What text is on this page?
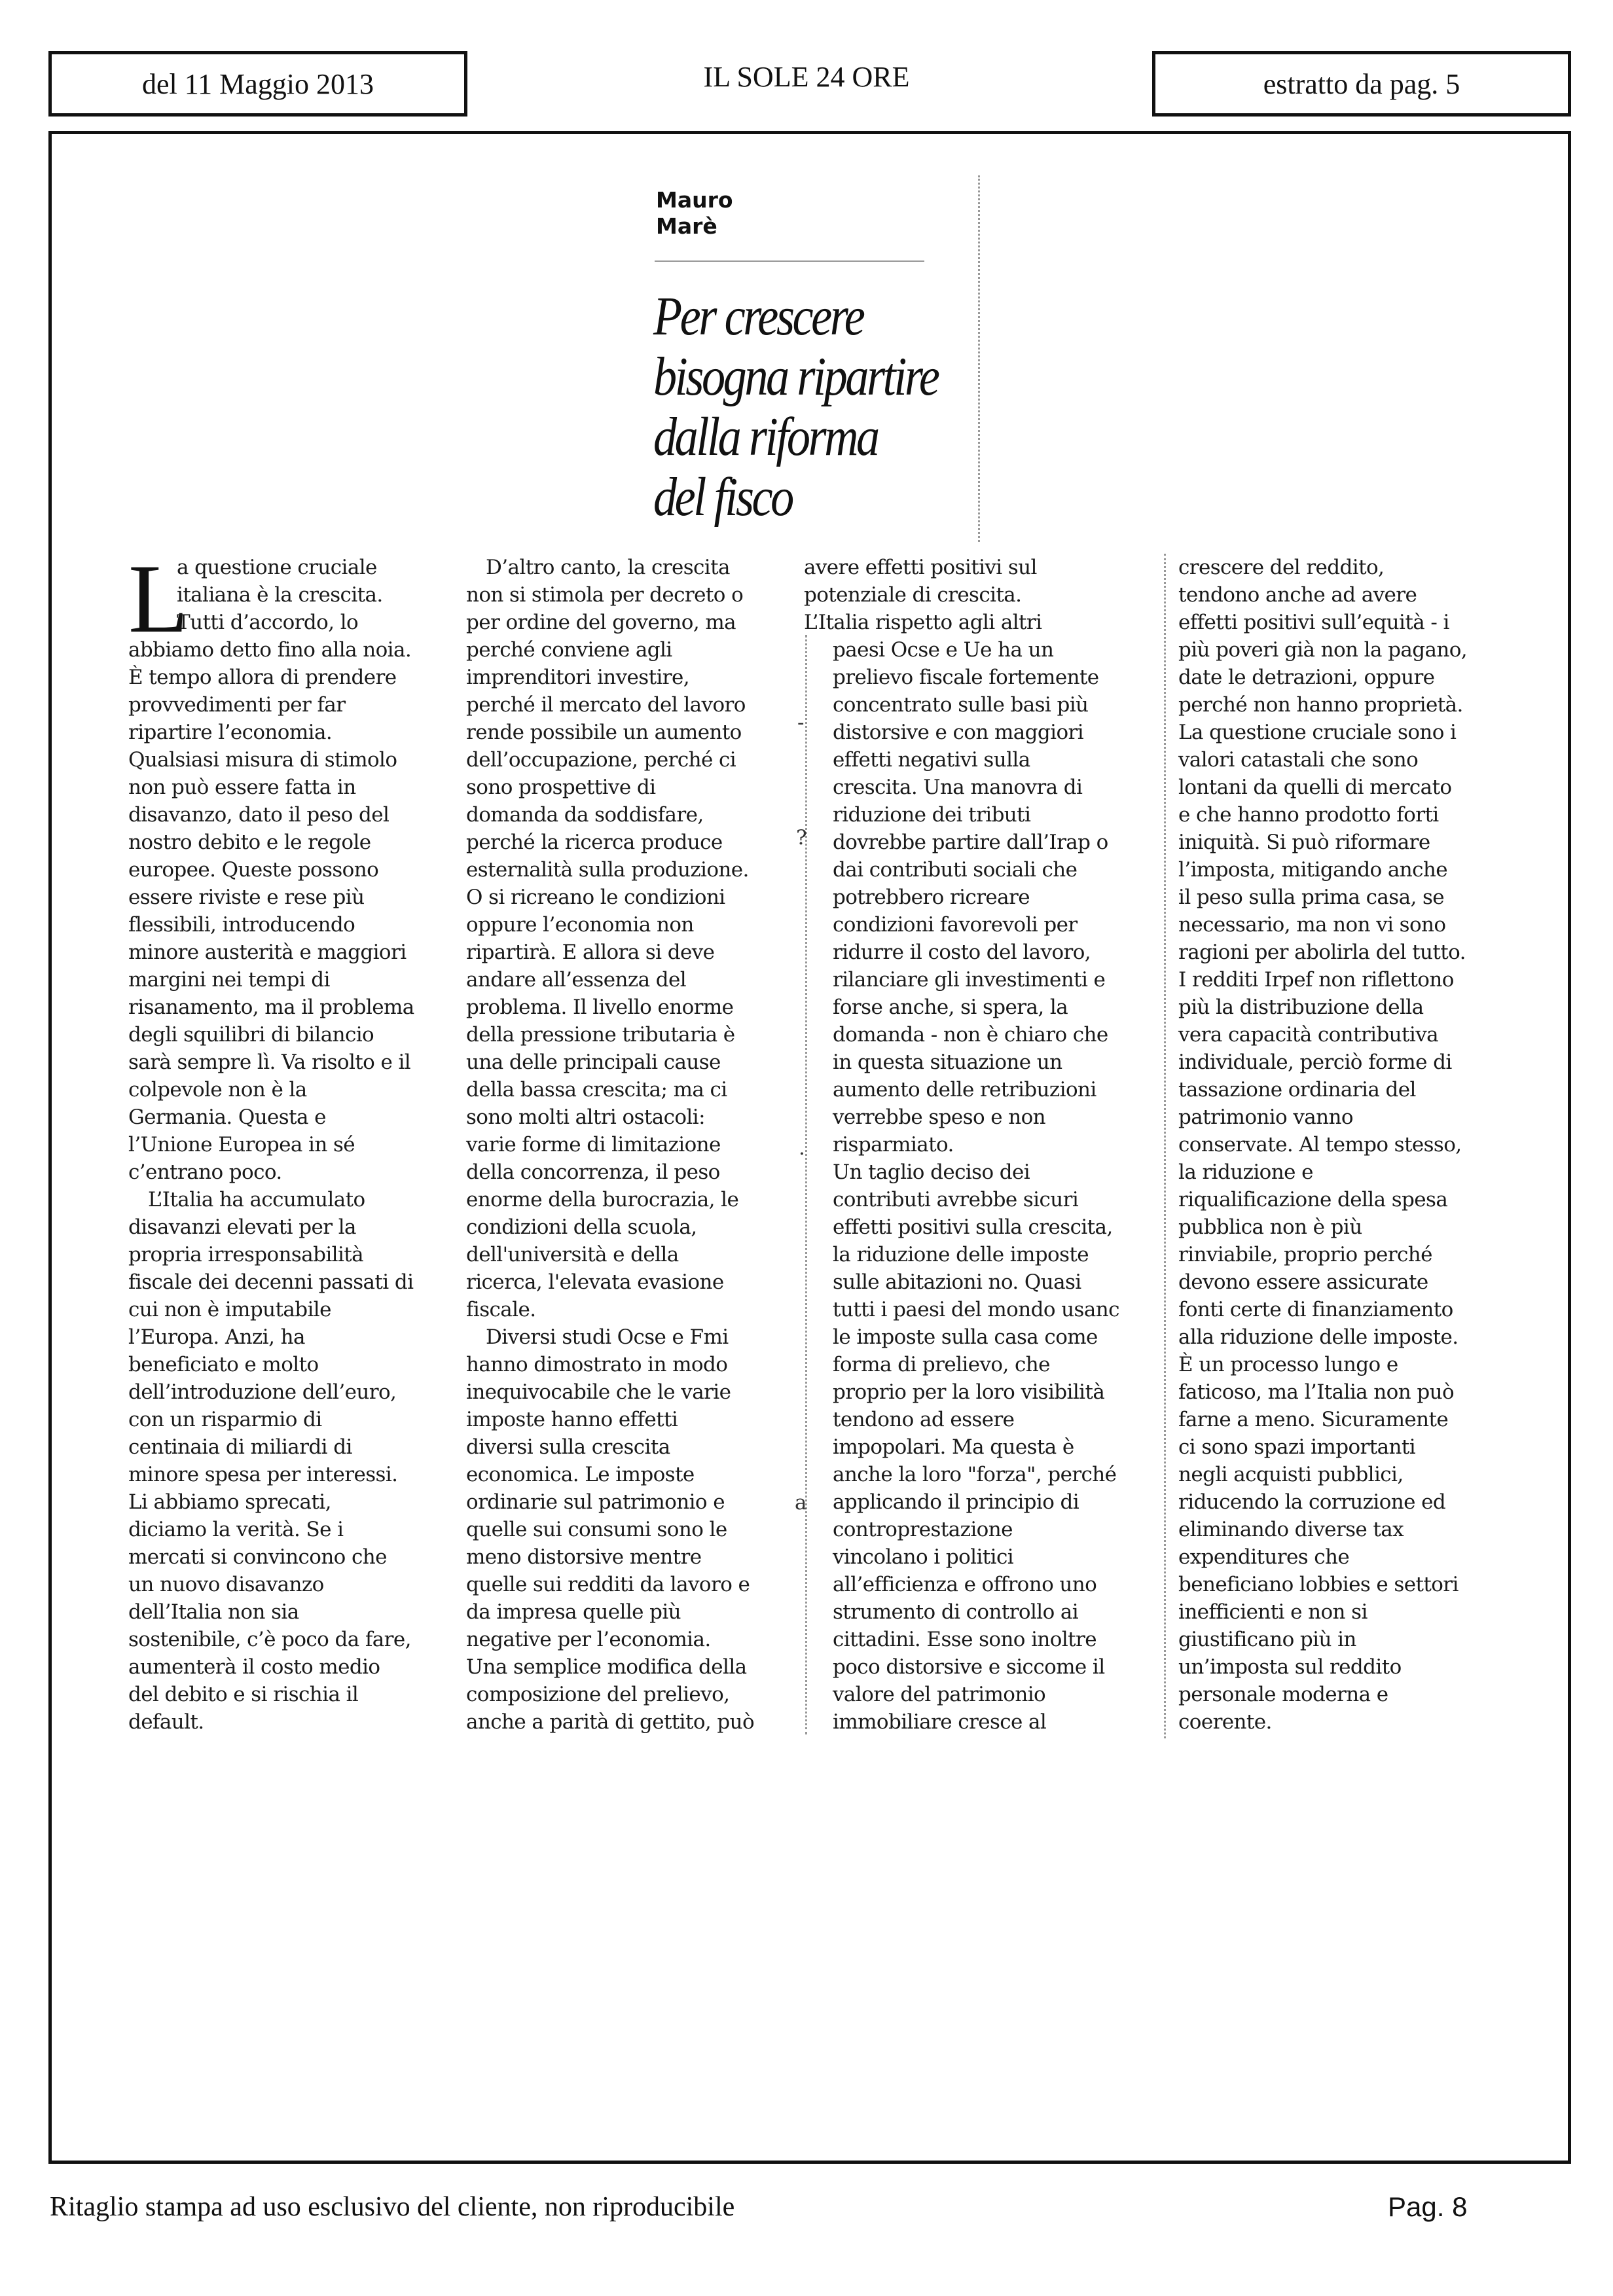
del 11 Maggio 2013	IL SOLE 24 ORE	estratto da pag. 5
Mauro
Marè
Per crescere
bisogna ripartire
dalla riforma
del fisco
L
a questione cruciale
italiana è la crescita.
Tutti d’accordo, lo
abbiamo detto fino alla noia.
È tempo allora di prendere
provvedimenti per far
ripartire l’economia.
Qualsiasi misura di stimolo
non può essere fatta in
disavanzo, dato il peso del
nostro debito e le regole
europee. Queste possono
essere riviste e rese più
flessibili, introducendo
minore austerità e maggiori
margini nei tempi di
risanamento, ma il problema
degli squilibri di bilancio
sarà sempre lì. Va risolto e il
colpevole non è la
Germania. Questa e
l’Unione Europea in sé
c’entrano poco.
L’Italia ha accumulato
disavanzi elevati per la
propria irresponsabilità
fiscale dei decenni passati di
cui non è imputabile
l’Europa. Anzi, ha
beneficiato e molto
dell’introduzione dell’euro,
con un risparmio di
centinaia di miliardi di
minore spesa per interessi.
Li abbiamo sprecati,
diciamo la verità. Se i
mercati si convincono che
un nuovo disavanzo
dell’Italia non sia
sostenibile, c’è poco da fare,
aumenterà il costo medio
del debito e si rischia il
default.
D’altro canto, la crescita
non si stimola per decreto o
per ordine del governo, ma
perché conviene agli
imprenditori investire,
perché il mercato del lavoro
rende possibile un aumento
dell’occupazione, perché ci
sono prospettive di
domanda da soddisfare,
perché la ricerca produce
esternalità sulla produzione.
O si ricreano le condizioni
oppure l’economia non
ripartirà. E allora si deve
andare all’essenza del
problema. Il livello enorme
della pressione tributaria è
una delle principali cause
della bassa crescita; ma ci
sono molti altri ostacoli:
varie forme di limitazione
della concorrenza, il peso
enorme della burocrazia, le
condizioni della scuola,
dell'università e della
ricerca, l'elevata evasione
fiscale.
Diversi studi Ocse e Fmi
hanno dimostrato in modo
inequivocabile che le varie
imposte hanno effetti
diversi sulla crescita
economica. Le imposte
ordinarie sul patrimonio e
quelle sui consumi sono le
meno distorsive mentre
quelle sui redditi da lavoro e
da impresa quelle più
negative per l’economia.
Una semplice modifica della
composizione del prelievo,
anche a parità di gettito, può
avere effetti positivi sul
potenziale di crescita.
L’Italia rispetto agli altri
paesi Ocse e Ue ha un
prelievo fiscale fortemente
concentrato sulle basi più
distorsive e con maggiori
effetti negativi sulla
crescita. Una manovra di
riduzione dei tributi
dovrebbe partire dall’Irap o
dai contributi sociali che
potrebbero ricreare
condizioni favorevoli per
ridurre il costo del lavoro,
rilanciare gli investimenti e
forse anche, si spera, la
domanda - non è chiaro che
in questa situazione un
aumento delle retribuzioni
verrebbe speso e non
risparmiato.
Un taglio deciso dei
contributi avrebbe sicuri
effetti positivi sulla crescita,
la riduzione delle imposte
sulle abitazioni no. Quasi
tutti i paesi del mondo usanc
le imposte sulla casa come
forma di prelievo, che
proprio per la loro visibilità
tendono ad essere
impopolari. Ma questa è
anche la loro "forza", perché
applicando il principio di
controprestazione
vincolano i politici
all’efficienza e offrono uno
strumento di controllo ai
cittadini. Esse sono inoltre
poco distorsive e siccome il
valore del patrimonio
immobiliare cresce al
crescere del reddito,
tendono anche ad avere
effetti positivi sull’equità - i
più poveri già non la pagano,
date le detrazioni, oppure
perché non hanno proprietà.
La questione cruciale sono i
valori catastali che sono
lontani da quelli di mercato
e che hanno prodotto forti
iniquità. Si può riformare
l’imposta, mitigando anche
il peso sulla prima casa, se
necessario, ma non vi sono
ragioni per abolirla del tutto.
I redditi Irpef non riflettono
più la distribuzione della
vera capacità contributiva
individuale, perciò forme di
tassazione ordinaria del
patrimonio vanno
conservate. Al tempo stesso,
la riduzione e
riqualificazione della spesa
pubblica non è più
rinviabile, proprio perché
devono essere assicurate
fonti certe di finanziamento
alla riduzione delle imposte.
È un processo lungo e
faticoso, ma l’Italia non può
farne a meno. Sicuramente
ci sono spazi importanti
negli acquisti pubblici,
riducendo la corruzione ed
eliminando diverse tax
expenditures che
beneficiano lobbies e settori
inefficienti e non si
giustificano più in
un’imposta sul reddito
personale moderna e
coerente.
-
?
.
a
Ritaglio stampa ad uso esclusivo del cliente, non riproducibile	Pag. 8
